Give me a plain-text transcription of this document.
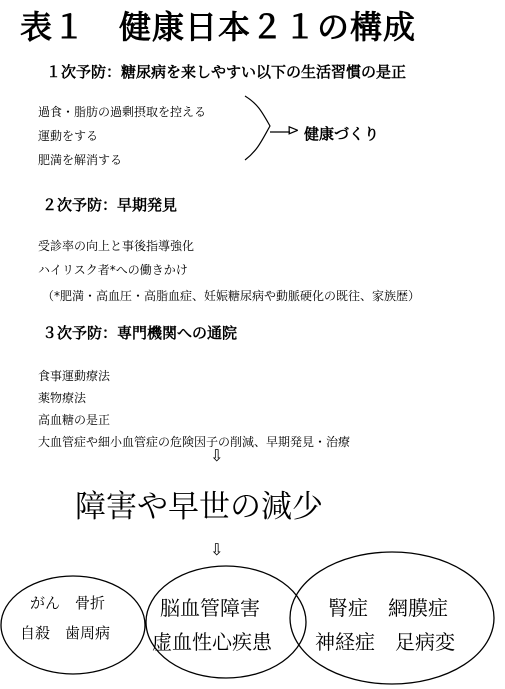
表１　健康日本２１の構成
１次予防：糖尿病を来しやすい以下の生活習慣の是正
過食・脂肪の過剰摂取を控える
運動をする
肥満を解消する
⊳ 健康づくり
２次予防：早期発見
受診率の向上と事後指導強化
ハイリスク者*への働きかけ
（*肥満・高血圧・高脂血症、妊娠糖尿病や動脈硬化の既往、家族歴）
３次予防：専門機関への通院
食事運動療法
薬物療法
高血糖の是正
大血管症や細小血管症の危険因子の削減、早期発見・治療
⇩
障害や早世の減少
⇩
がん　骨折
自殺　歯周病
脳血管障害
虚血性心疾患
腎症　網膜症
神経症　足病変
